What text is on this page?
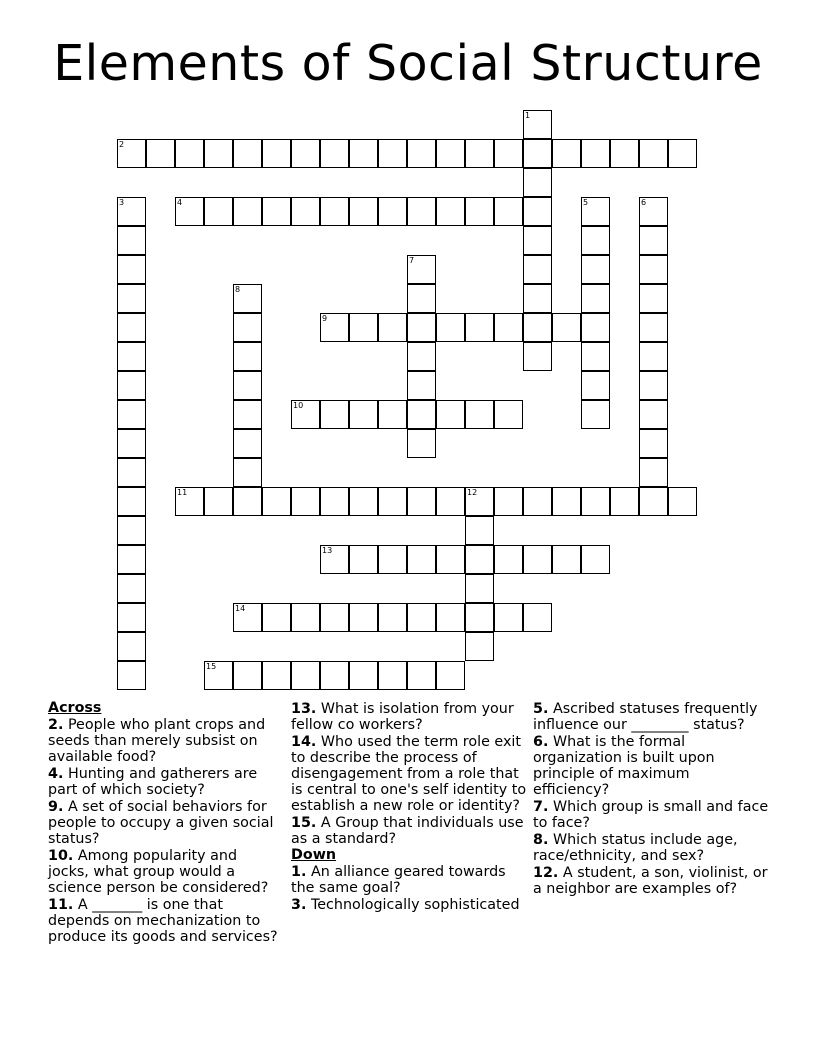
Elements of Social Structure
1
2
3	4	5	6
7
8
9
10
11	12
13
14
15
Across
2. People who plant crops and seeds than merely subsist on available food?
4. Hunting and gatherers are part of which society?
9. A set of social behaviors for people to occupy a given social status?
10. Among popularity and jocks, what group would a science person be considered?
11. A _______ is one that depends on mechanization to produce its goods and services?
13. What is isolation from your fellow co workers?
14. Who used the term role exit to describe the process of disengagement from a role that is central to one's self identity to establish a new role or identity?
15. A Group that individuals use as a standard?
Down
1. An alliance geared towards the same goal?
3. Technologically sophisticated
5. Ascribed statuses frequently influence our ________ status?
6. What is the formal organization is built upon principle of maximum efficiency?
7. Which group is small and face to face?
8. Which status include age, race/ethnicity, and sex?
12. A student, a son, violinist, or a neighbor are examples of?
